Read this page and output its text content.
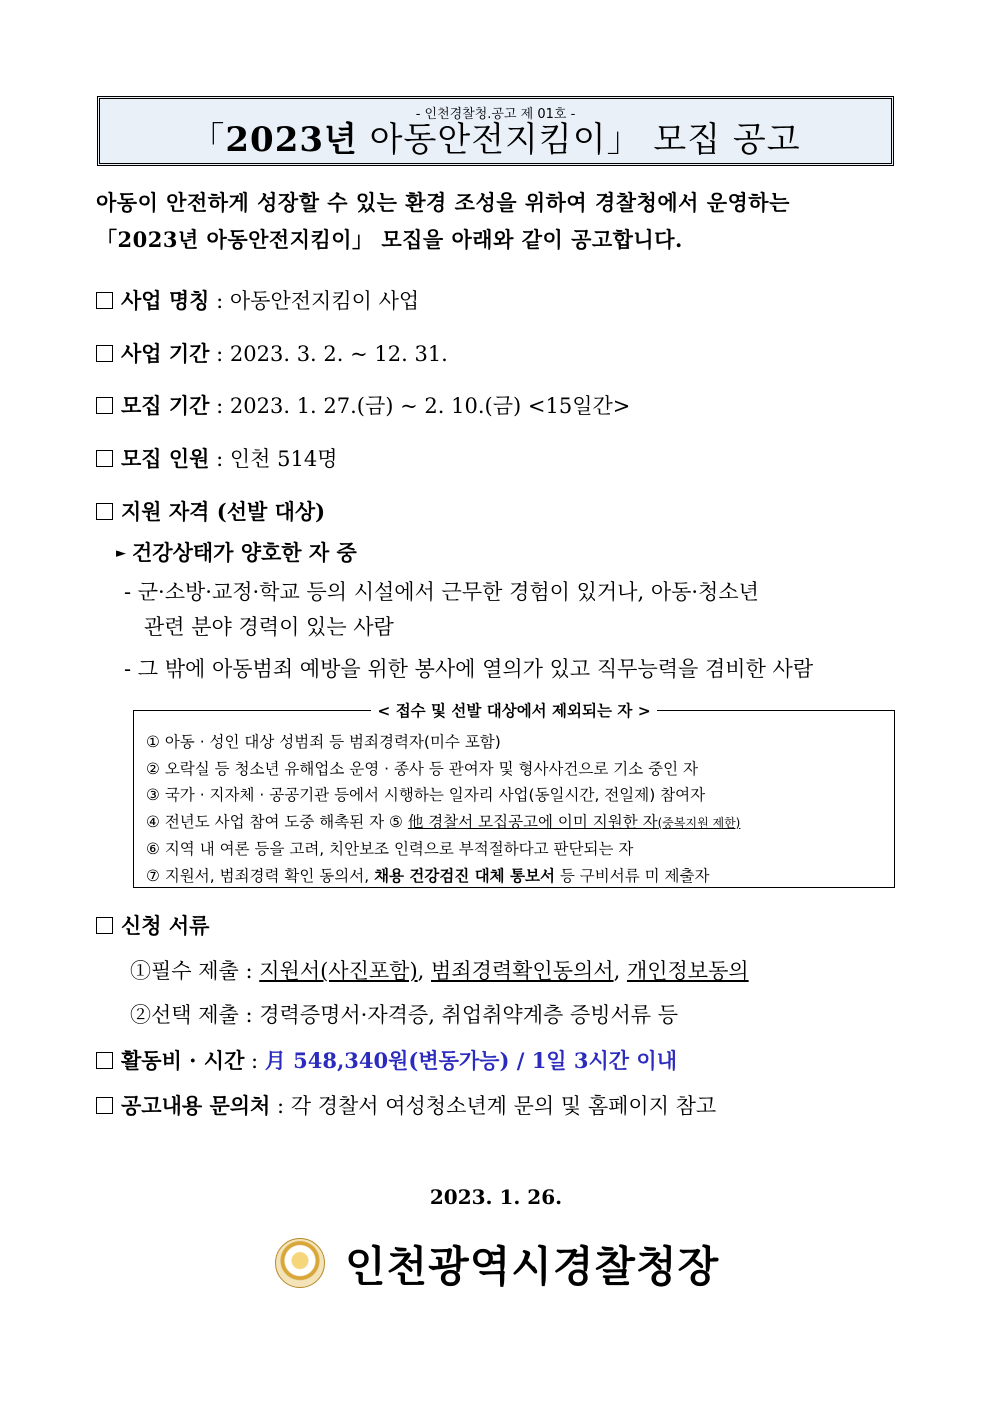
- 인천경찰청.공고 제 01호 -
「2023년 아동안전지킴이」 모집 공고
아동이 안전하게 성장할 수 있는 환경 조성을 위하여 경찰청에서 운영하는
「2023년 아동안전지킴이」 모집을 아래와 같이 공고합니다.
사업 명칭 : 아동안전지킴이 사업
사업 기간 : 2023. 3. 2. ~ 12. 31.
모집 기간 : 2023. 1. 27.(금) ~ 2. 10.(금) <15일간>
모집 인원 : 인천 514명
지원 자격 (선발 대상)
► 건강상태가 양호한 자 중
- 군·소방·교정·학교 등의 시설에서 근무한 경험이 있거나, 아동·청소년
관련 분야 경력이 있는 사람
- 그 밖에 아동범죄 예방을 위한 봉사에 열의가 있고 직무능력을 겸비한 사람
< 접수 및 선발 대상에서 제외되는 자 >
① 아동 · 성인 대상 성범죄 등 범죄경력자(미수 포함)
② 오락실 등 청소년 유해업소 운영 · 종사 등 관여자 및 형사사건으로 기소 중인 자
③ 국가 · 지자체 · 공공기관 등에서 시행하는 일자리 사업(동일시간, 전일제) 참여자
④ 전년도 사업 참여 도중 해촉된 자 ⑤ 他 경찰서 모집공고에 이미 지원한 자(중복지원 제한)
⑥ 지역 내 여론 등을 고려, 치안보조 인력으로 부적절하다고 판단되는 자
⑦ 지원서, 범죄경력 확인 동의서, 채용 건강검진 대체 통보서 등 구비서류 미 제출자
신청 서류
①필수 제출 : 지원서(사진포함), 범죄경력확인동의서, 개인정보동의
②선택 제출 : 경력증명서·자격증, 취업취약계층 증빙서류 등
활동비 · 시간 : 月 548,340원(변동가능) / 1일 3시간 이내
공고내용 문의처 : 각 경찰서 여성청소년계 문의 및 홈페이지 참고
2023. 1. 26.
인천광역시경찰청장
